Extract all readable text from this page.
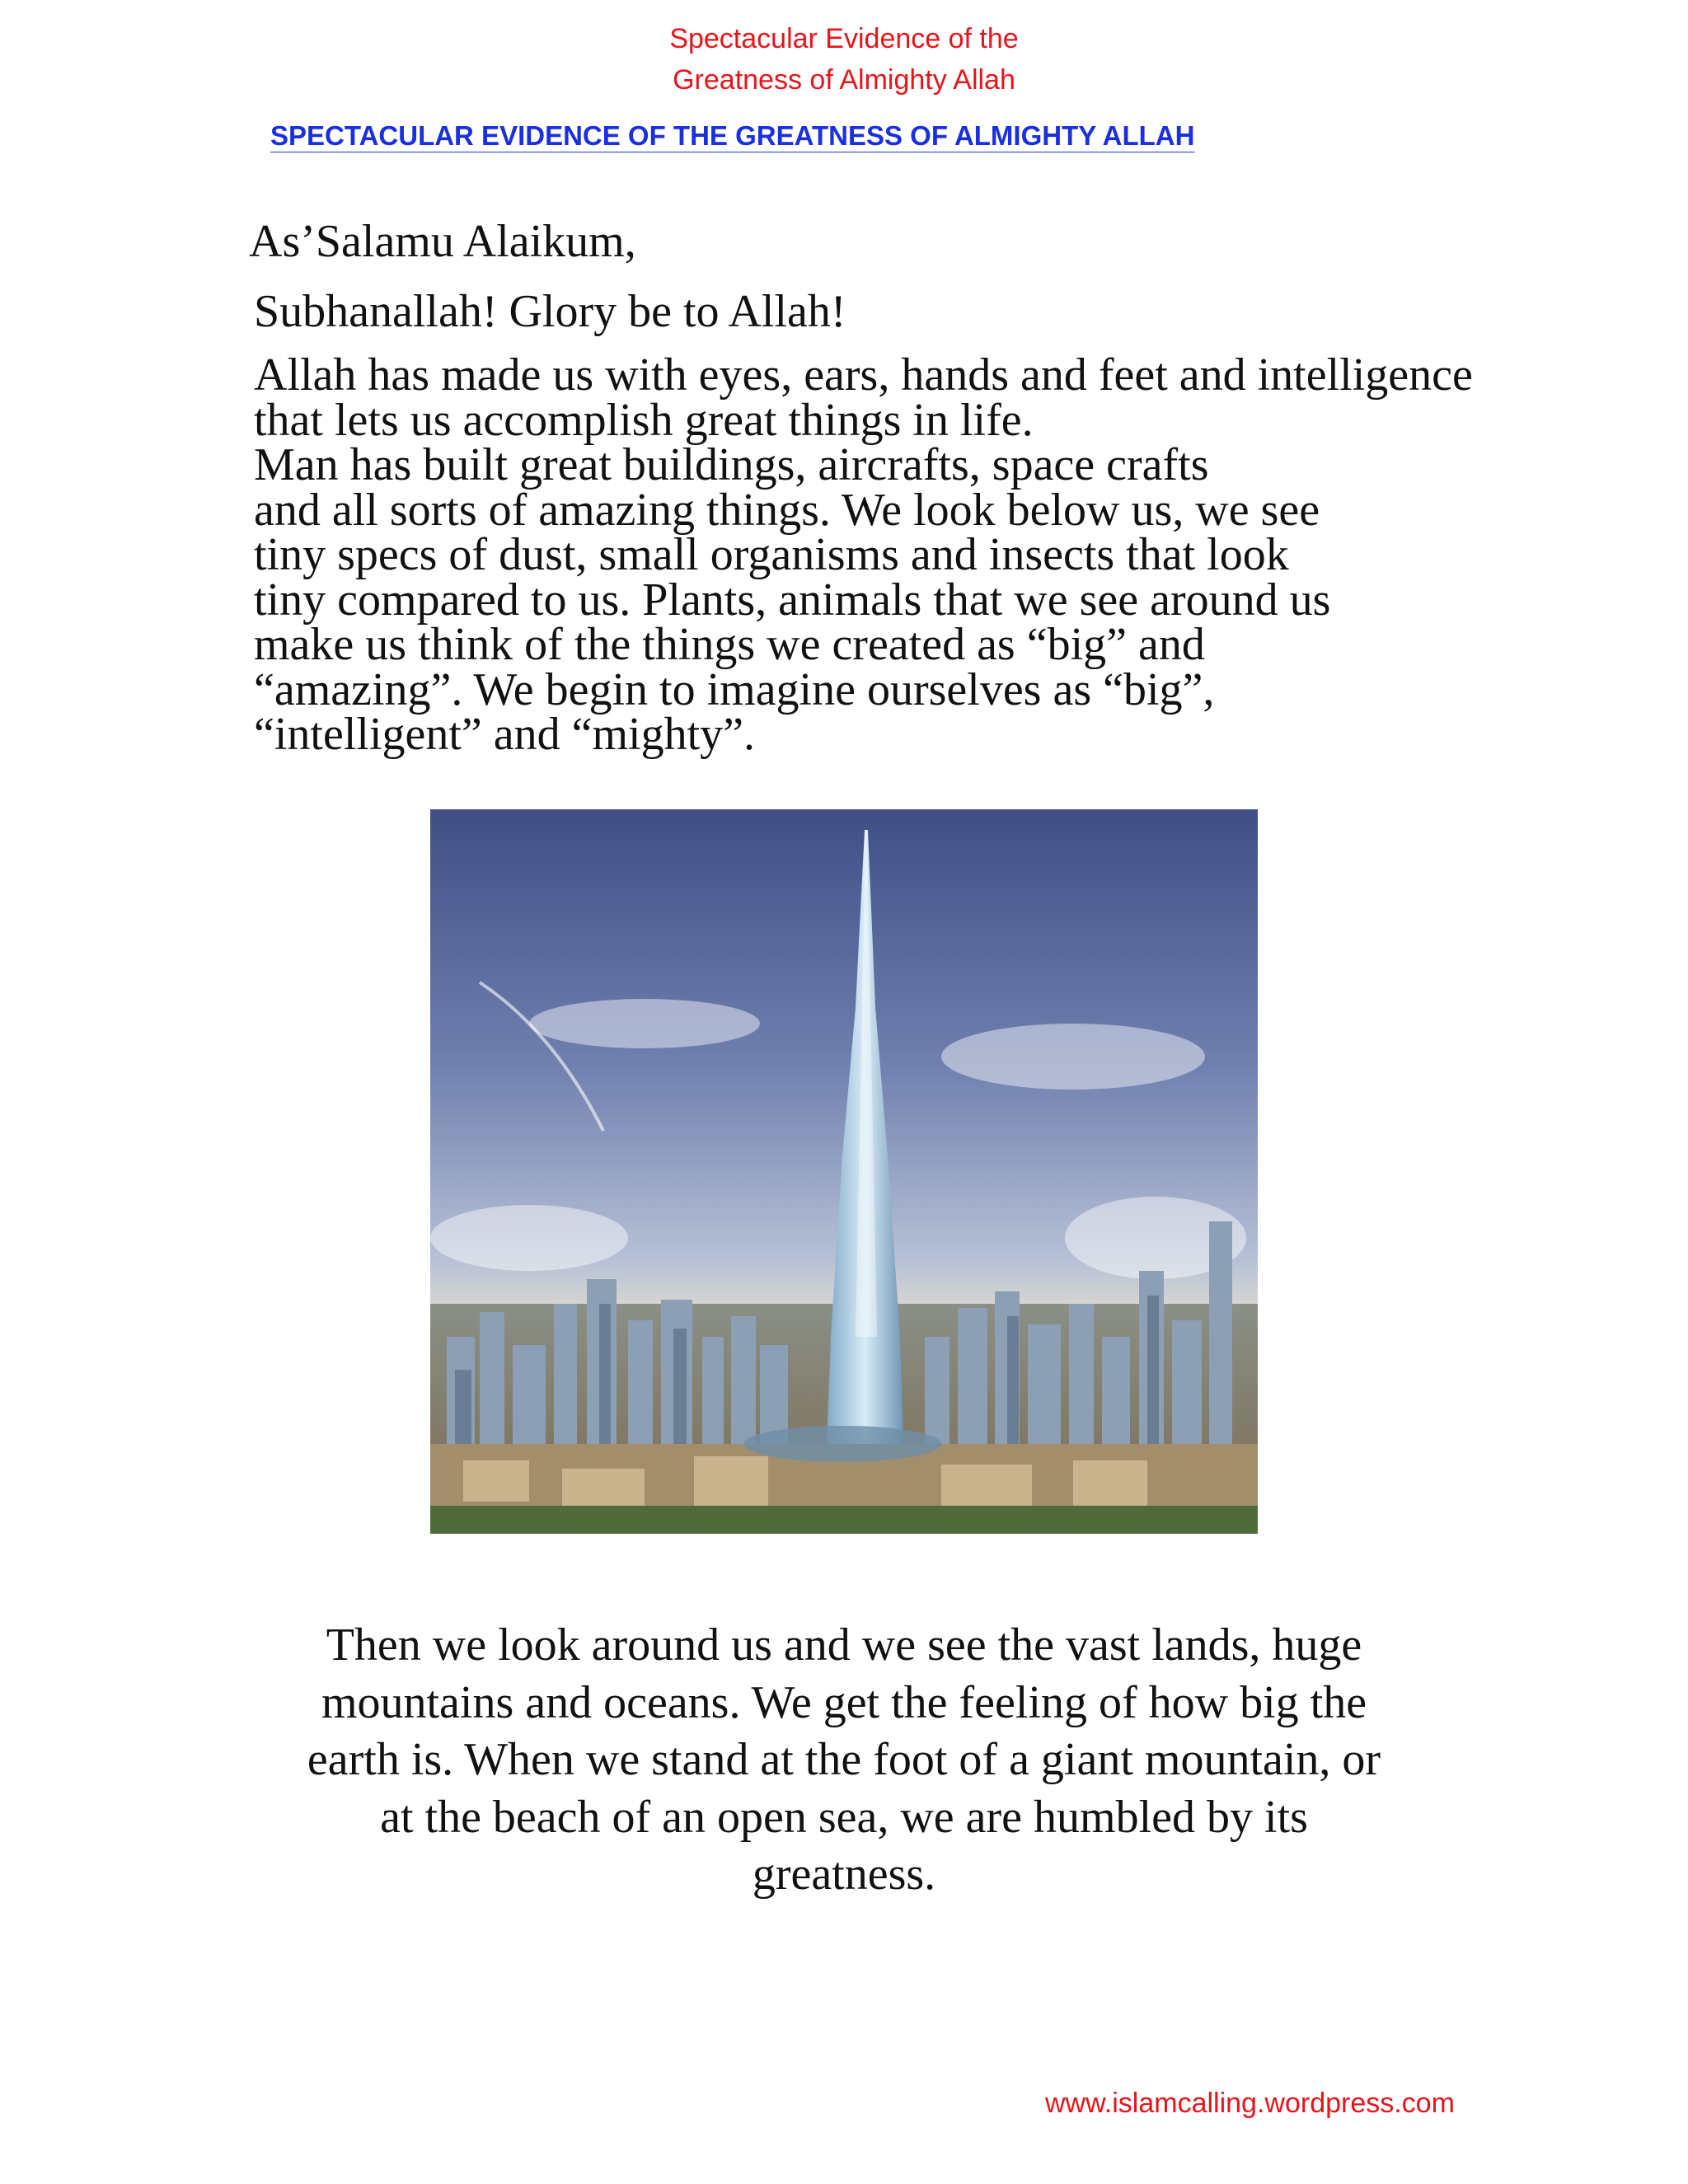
Spectacular Evidence of the
Greatness of Almighty Allah
SPECTACULAR EVIDENCE OF THE GREATNESS OF ALMIGHTY ALLAH
As’Salamu Alaikum,
Subhanallah! Glory be to Allah!
Allah has made us with eyes, ears, hands and feet and intelligence
that lets us accomplish great things in life.
Man has built great buildings, aircrafts, space crafts
and all sorts of amazing things. We look below us, we see
tiny specs of dust, small organisms and insects that look
tiny compared to us. Plants, animals that we see around us
make us think of the things we created as “big” and
“amazing”. We begin to imagine ourselves as “big”,
“intelligent” and “mighty”.
Then we look around us and we see the vast lands, huge
mountains and oceans. We get the feeling of how big the
earth is. When we stand at the foot of a giant mountain, or
at the beach of an open sea, we are humbled by its
greatness.
www.islamcalling.wordpress.com
